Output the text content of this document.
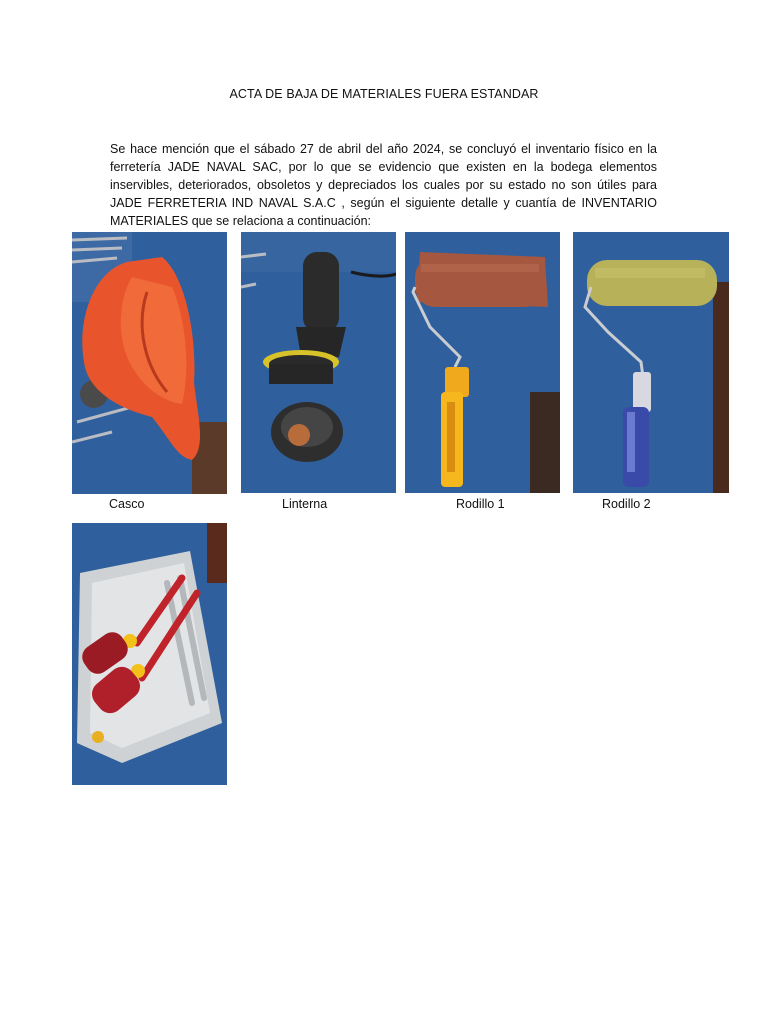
ACTA DE BAJA DE MATERIALES FUERA ESTANDAR
Se hace mención que el sábado 27 de abril del año 2024, se concluyó el inventario físico en la ferretería JADE NAVAL SAC, por lo que se evidencio que existen en la bodega elementos inservibles, deteriorados, obsoletos y depreciados los cuales por su estado no son útiles para JADE FERRETERIA IND NAVAL S.A.C , según el siguiente detalle y cuantía de INVENTARIO MATERIALES que se relaciona a continuación:
Casco	Linterna	Rodillo 1	Rodillo 2
